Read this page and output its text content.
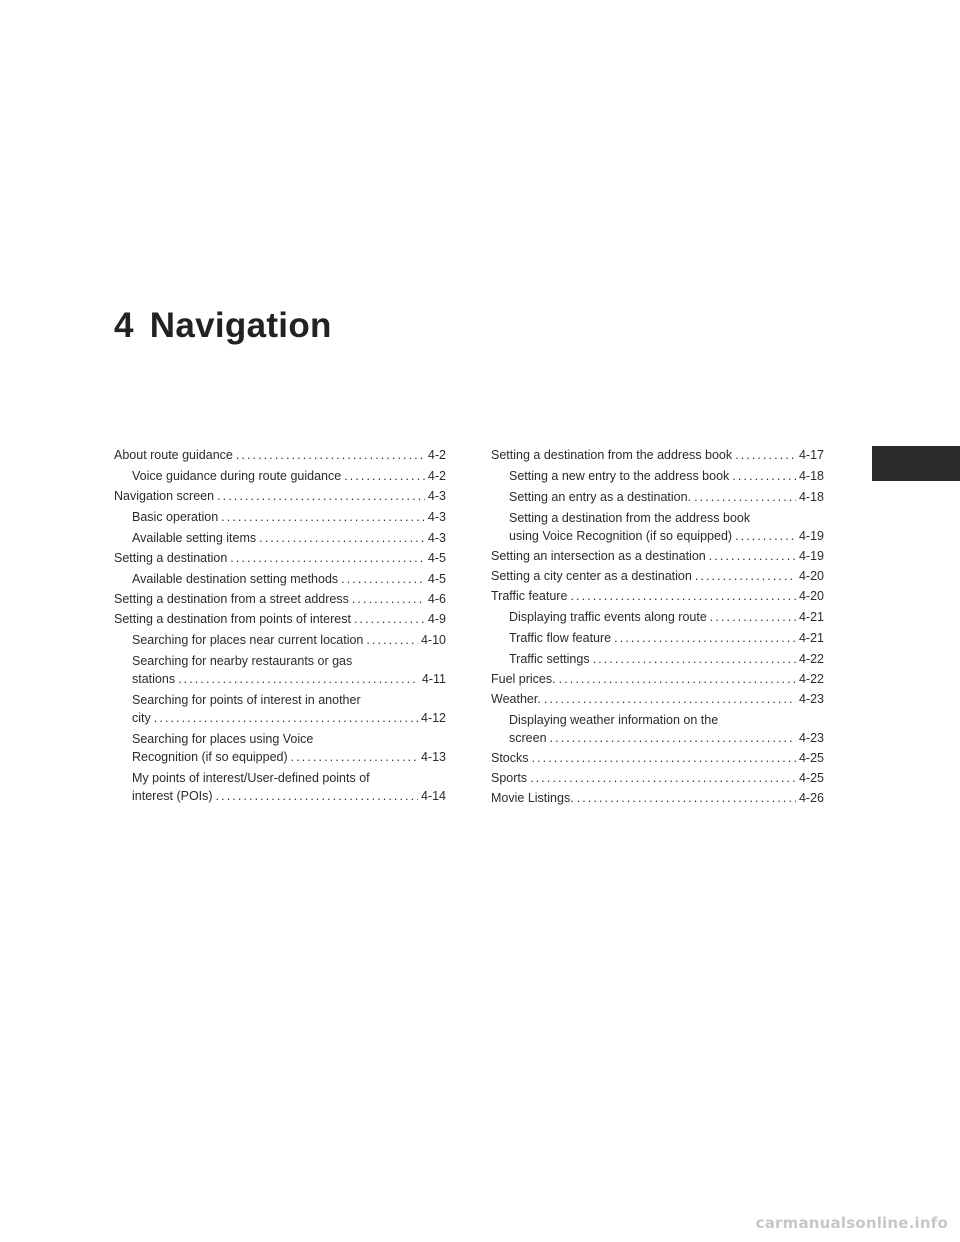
4 Navigation
About route guidance .....	4-2
Voice guidance during route guidance .....	4-2
Navigation screen .....	4-3
Basic operation .....	4-3
Available setting items .....	4-3
Setting a destination .....	4-5
Available destination setting methods .....	4-5
Setting a destination from a street address .....	4-6
Setting a destination from points of interest .....	4-9
Searching for places near current location .....	4-10
Searching for nearby restaurants or gas
stations .....	4-11
Searching for points of interest in another
city .....	4-12
Searching for places using Voice
Recognition (if so equipped) .....	4-13
My points of interest/User-defined points of
interest (POIs) .....	4-14
Setting a destination from the address book .....	4-17
Setting a new entry to the address book .....	4-18
Setting an entry as a destination. .....	4-18
Setting a destination from the address book
using Voice Recognition (if so equipped) .....	4-19
Setting an intersection as a destination .....	4-19
Setting a city center as a destination .....	4-20
Traffic feature .....	4-20
Displaying traffic events along route .....	4-21
Traffic flow feature .....	4-21
Traffic settings .....	4-22
Fuel prices. .....	4-22
Weather. .....	4-23
Displaying weather information on the
screen .....	4-23
Stocks .....	4-25
Sports .....	4-25
Movie Listings. .....	4-26
carmanualsonline.info
